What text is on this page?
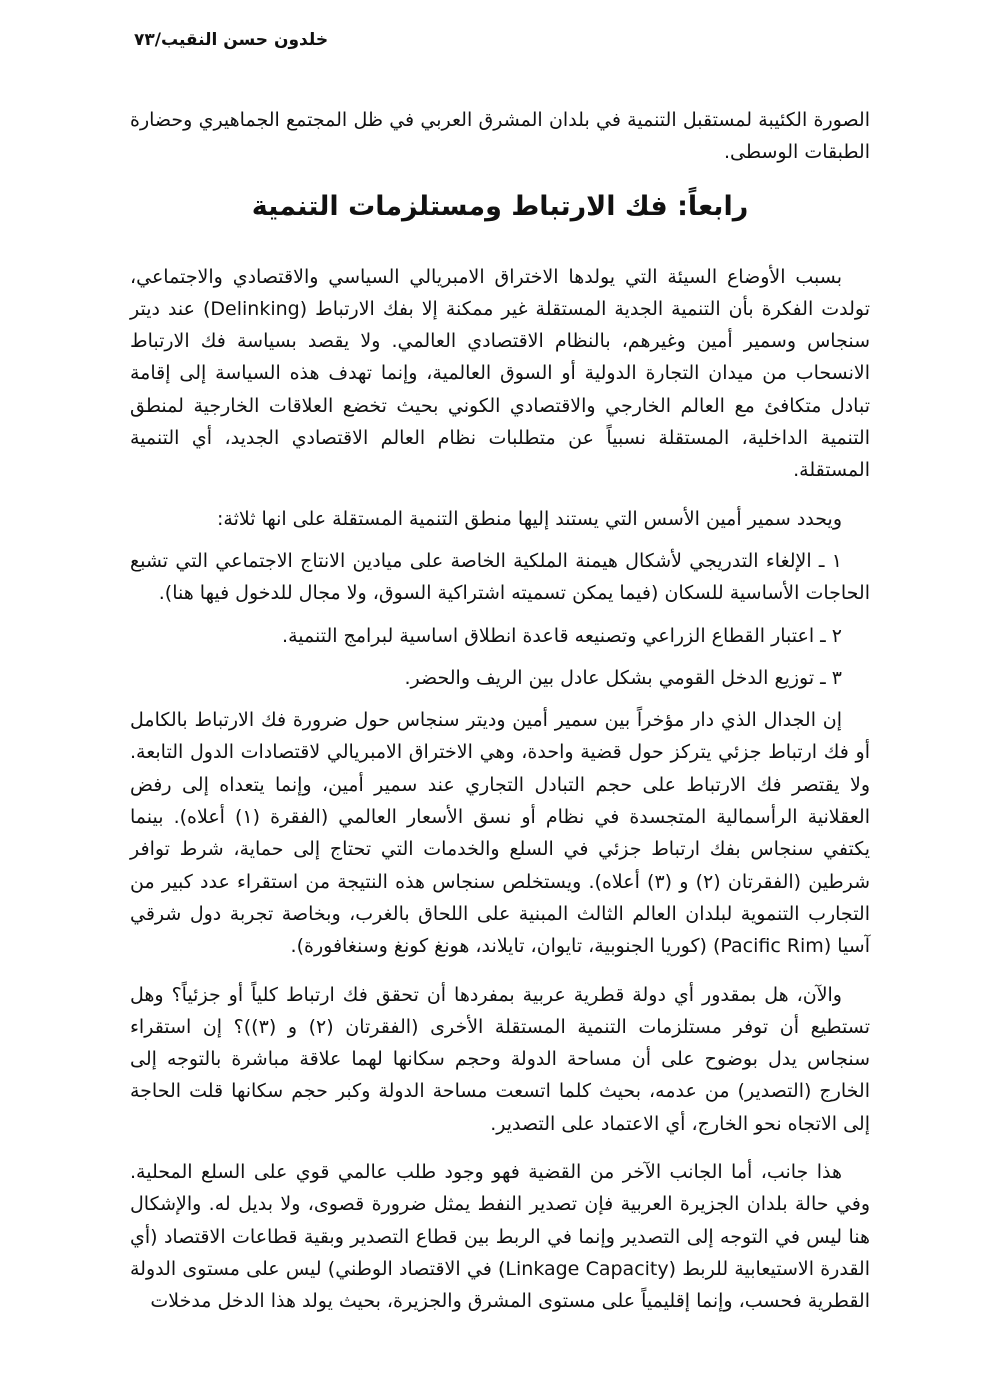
خلدون حسن النقيب/٧٣

الصورة الكئيبة لمستقبل التنمية في بلدان المشرق العربي في ظل المجتمع الجماهيري وحضارة الطبقات الوسطى.

رابعاً: فك الارتباط ومستلزمات التنمية

بسبب الأوضاع السيئة التي يولدها الاختراق الامبريالي السياسي والاقتصادي والاجتماعي، تولدت الفكرة بأن التنمية الجدية المستقلة غير ممكنة إلا بفك الارتباط (Delinking) عند ديتر سنجاس وسمير أمين وغيرهم، بالنظام الاقتصادي العالمي. ولا يقصد بسياسة فك الارتباط الانسحاب من ميدان التجارة الدولية أو السوق العالمية، وإنما تهدف هذه السياسة إلى إقامة تبادل متكافئ مع العالم الخارجي والاقتصادي الكوني بحيث تخضع العلاقات الخارجية لمنطق التنمية الداخلية، المستقلة نسبياً عن متطلبات نظام العالم الاقتصادي الجديد، أي التنمية المستقلة.

ويحدد سمير أمين الأسس التي يستند إليها منطق التنمية المستقلة على انها ثلاثة:

١ ـ الإلغاء التدريجي لأشكال هيمنة الملكية الخاصة على ميادين الانتاج الاجتماعي التي تشبع الحاجات الأساسية للسكان (فيما يمكن تسميته اشتراكية السوق، ولا مجال للدخول فيها هنا).

٢ ـ اعتبار القطاع الزراعي وتصنيعه قاعدة انطلاق اساسية لبرامج التنمية.

٣ ـ توزيع الدخل القومي بشكل عادل بين الريف والحضر.

إن الجدال الذي دار مؤخراً بين سمير أمين وديتر سنجاس حول ضرورة فك الارتباط بالكامل أو فك ارتباط جزئي يتركز حول قضية واحدة، وهي الاختراق الامبريالي لاقتصادات الدول التابعة. ولا يقتصر فك الارتباط على حجم التبادل التجاري عند سمير أمين، وإنما يتعداه إلى رفض العقلانية الرأسمالية المتجسدة في نظام أو نسق الأسعار العالمي (الفقرة (١) أعلاه). بينما يكتفي سنجاس بفك ارتباط جزئي في السلع والخدمات التي تحتاج إلى حماية، شرط توافر شرطين (الفقرتان (٢) و (٣) أعلاه). ويستخلص سنجاس هذه النتيجة من استقراء عدد كبير من التجارب التنموية لبلدان العالم الثالث المبنية على اللحاق بالغرب، وبخاصة تجربة دول شرقي آسيا (Pacific Rim) (كوريا الجنوبية، تايوان، تايلاند، هونغ كونغ وسنغافورة).

والآن، هل بمقدور أي دولة قطرية عربية بمفردها أن تحقق فك ارتباط كلياً أو جزئياً؟ وهل تستطيع أن توفر مستلزمات التنمية المستقلة الأخرى (الفقرتان (٢) و (٣))؟ إن استقراء سنجاس يدل بوضوح على أن مساحة الدولة وحجم سكانها لهما علاقة مباشرة بالتوجه إلى الخارج (التصدير) من عدمه، بحيث كلما اتسعت مساحة الدولة وكبر حجم سكانها قلت الحاجة إلى الاتجاه نحو الخارج، أي الاعتماد على التصدير.

هذا جانب، أما الجانب الآخر من القضية فهو وجود طلب عالمي قوي على السلع المحلية. وفي حالة بلدان الجزيرة العربية فإن تصدير النفط يمثل ضرورة قصوى، ولا بديل له. والإشكال هنا ليس في التوجه إلى التصدير وإنما في الربط بين قطاع التصدير وبقية قطاعات الاقتصاد (أي القدرة الاستيعابية للربط (Linkage Capacity) في الاقتصاد الوطني) ليس على مستوى الدولة القطرية فحسب، وإنما إقليمياً على مستوى المشرق والجزيرة، بحيث يولد هذا الدخل مدخلات
